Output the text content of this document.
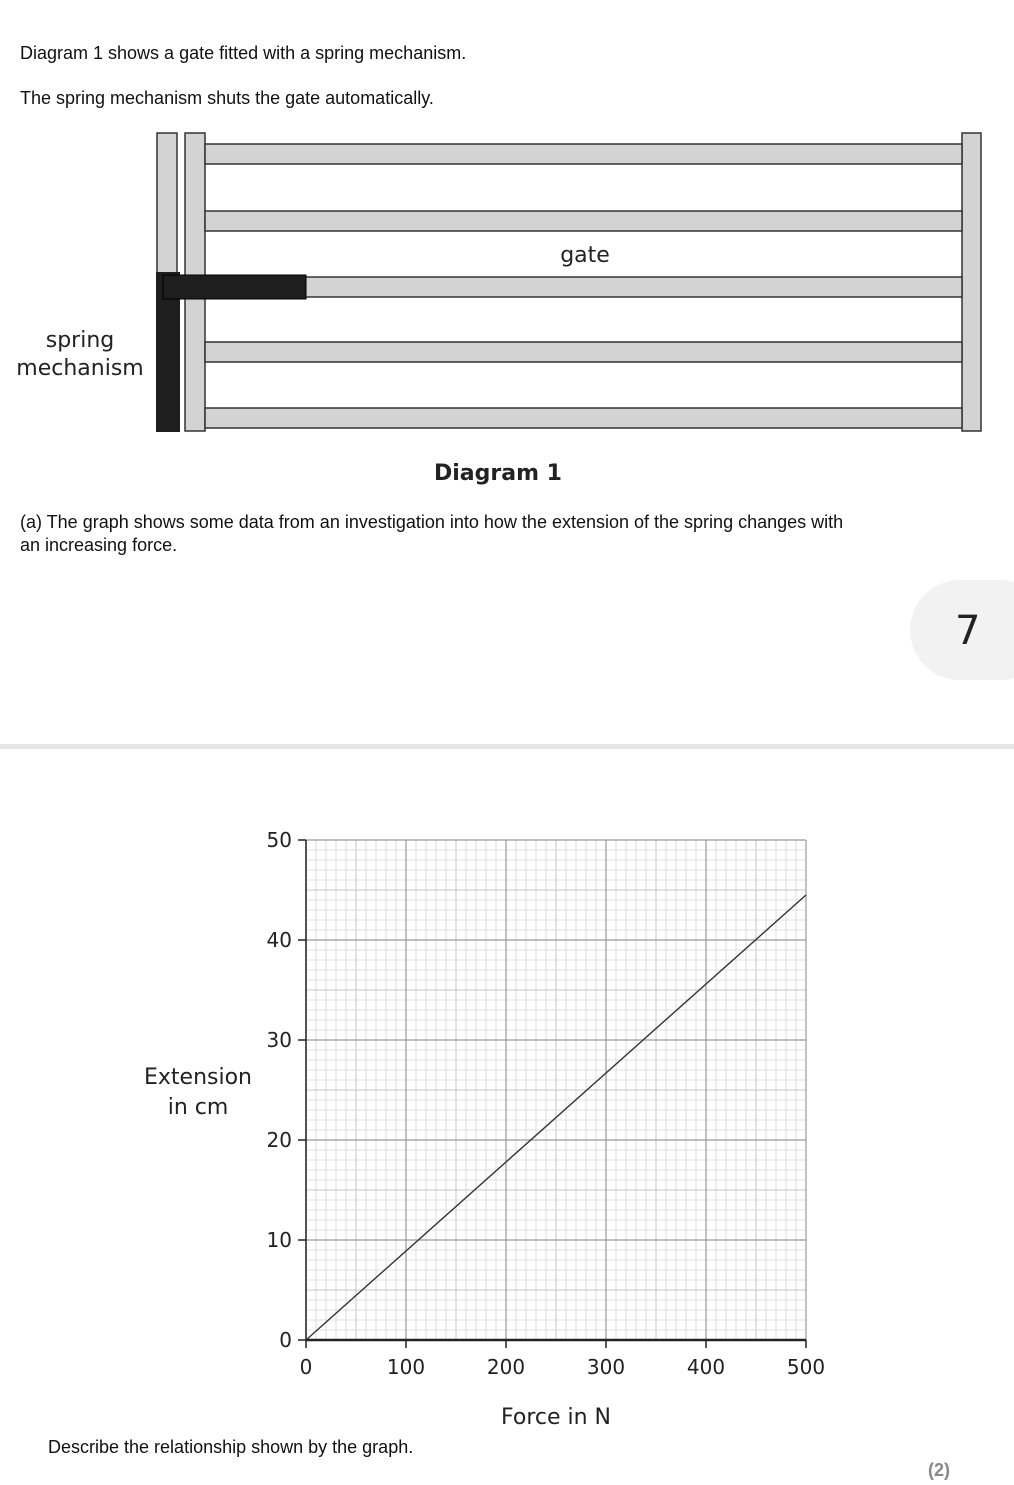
Diagram 1 shows a gate fitted with a spring mechanism.
The spring mechanism shuts the gate automatically.
gate
spring
mechanism
Diagram 1
(a) The graph shows some data from an investigation into how the extension of the spring changes with
an increasing force.
7
0
10
20
30
40
50
0	100	200	300	400	500
Extension
in cm
Force in N
Describe the relationship shown by the graph.
(2)
